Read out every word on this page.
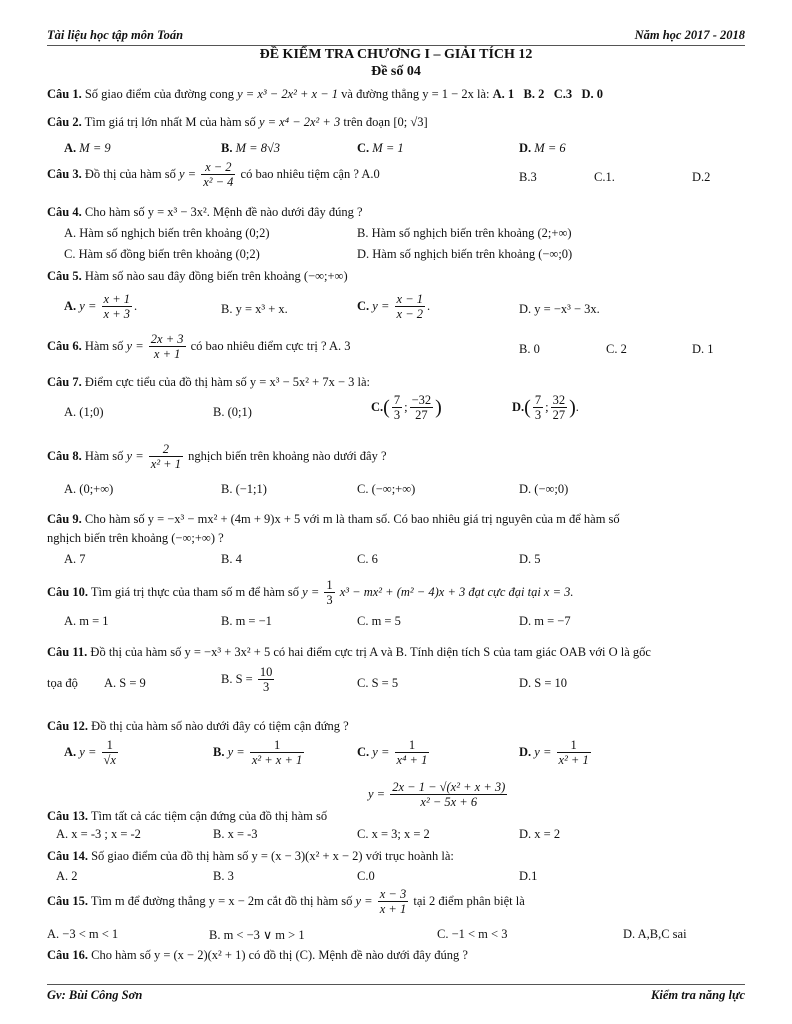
Tài liệu học tập môn Toán	Năm học 2017 - 2018
ĐỀ KIỂM TRA CHƯƠNG I – GIẢI TÍCH 12
Đề số 04
Câu 1. Số giao điểm của đường cong y = x³ − 2x² + x − 1 và đường thẳng y = 1 − 2x là: A. 1 B. 2 C.3 D. 0
Câu 2. Tìm giá trị lớn nhất M của hàm số y = x⁴ − 2x² + 3 trên đoạn [0; √3]
A. M = 9	B. M = 8√3	C. M = 1	D. M = 6
Câu 3. Đồ thị của hàm số $y = \frac{x - 2}{\text{x² − 4}}$ có bao nhiêu tiệm cận ? A.0	B.3	C.1.	D.2
Câu 4. Cho hàm số y = x³ − 3x². Mệnh đề nào dưới đây đúng ?
A. Hàm số nghịch biến trên khoảng (0;2)	B. Hàm số nghịch biến trên khoảng (2;+∞)
C. Hàm số đồng biến trên khoảng (0;2)	D. Hàm số nghịch biến trên khoảng (−∞;0)
Câu 5. Hàm số nào sau đây đồng biến trên khoảng (−∞;+∞)
A. $y = \frac{x + 1}{x + 3}$ .	B. y = x³ + x.	C. $y = \frac{x - 1}{x - 2}$ .	D. y = −x³ − 3x.
Câu 6. Hàm số $y = \frac{2x + 3}{x + 1}$ có bao nhiêu điểm cực trị ? A. 3	B. 0	C. 2	D. 1
Câu 7. Điểm cực tiểu của đồ thị hàm số y = x³ − 5x² + 7x − 3 là:
A. (1;0)	B. (0;1)	$C.( \frac{7}{3}$ ; $\frac{-32}{27}$ )	$D.( \frac{7}{3}$ ; $\frac{32}{27}$ ).
Câu 8. Hàm số $y = \frac{2}{\text{x² + 1}}$ nghịch biến trên khoảng nào dưới đây ?
A. (0;+∞)	B. (−1;1)	C. (−∞;+∞)	D. (−∞;0)
Câu 9. Cho hàm số y = −x³ − mx² + (4m + 9)x + 5 với m là tham số. Có bao nhiêu giá trị nguyên của m để hàm số
nghịch biến trên khoảng (−∞;+∞) ?
A. 7	B. 4	C. 6	D. 5
Câu 10. Tìm giá trị thực của tham số m để hàm số $y = \frac{1}{3} x^3 - mx^2 + (m^2 - 4)x + 3$ đạt cực đại tại x = 3.
A. m = 1	B. m = −1	C. m = 5	D. m = −7
Câu 11. Đồ thị của hàm số y = −x³ + 3x² + 5 có hai điểm cực trị A và B. Tính diện tích S của tam giác OAB với O là gốc
tọa độ A. S = 9	B. $S = \frac{10}{3}$	C. S = 5	D. S = 10
Câu 12. Đồ thị của hàm số nào dưới đây có tiệm cận đứng ?
A. $y = \frac{1}{√x}$	B. $y = \frac{1}{\text{x² + x + 1}}$	C. $y = \frac{1}{\text{x⁴ + 1}}$	D. $y = \frac{1}{\text{x² + 1}}$
$y = \frac{\text{2x − 1 − √(x² + x + 3)}}{\text{x² − 5x + 6}}$
Câu 13. Tìm tất cả các tiệm cận đứng của đồ thị hàm số
A. x = -3 ; x = -2	B. x = -3	C. x = 3; x = 2	D. x = 2
Câu 14. Số giao điểm của đồ thị hàm số y = (x − 3)(x² + x − 2) với trục hoành là:
A. 2	B. 3	C.0	D.1
Câu 15. Tìm m để đường thẳng y = x − 2m cắt đồ thị hàm số $y = \frac{x - 3}{x + 1}$ tại 2 điểm phân biệt là
A. −3 < m < 1	B. m < −3 ∨ m > 1	C. −1 < m < 3	D. A,B,C sai
Câu 16. Cho hàm số y = (x − 2)(x² + 1) có đồ thị (C). Mệnh đề nào dưới đây đúng ?
Gv: Bùi Công Sơn	Kiểm tra năng lực
